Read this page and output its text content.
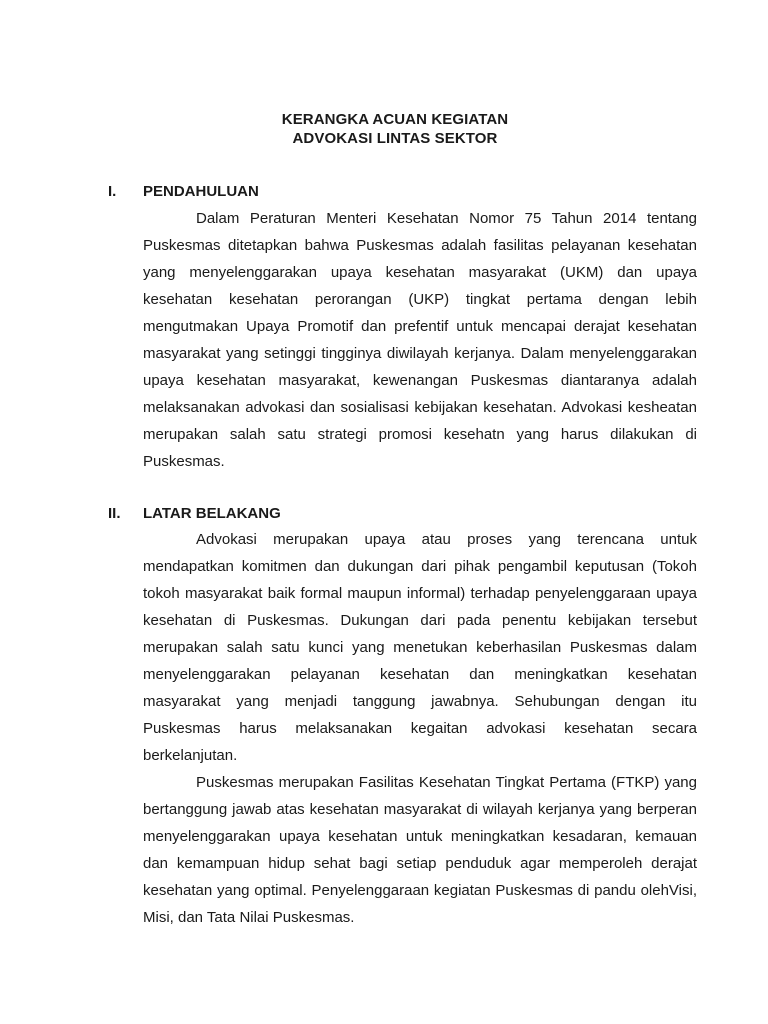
KERANGKA ACUAN KEGIATAN
ADVOKASI LINTAS SEKTOR
I. PENDAHULUAN

Dalam Peraturan Menteri Kesehatan Nomor 75 Tahun 2014 tentang Puskesmas ditetapkan bahwa Puskesmas adalah fasilitas pelayanan kesehatan yang menyelenggarakan upaya kesehatan masyarakat (UKM) dan upaya kesehatan kesehatan perorangan (UKP) tingkat pertama dengan lebih mengutmakan Upaya Promotif dan prefentif untuk mencapai derajat kesehatan masyarakat yang setinggi tingginya diwilayah kerjanya. Dalam menyelenggarakan upaya kesehatan masyarakat, kewenangan Puskesmas diantaranya adalah melaksanakan advokasi dan sosialisasi kebijakan kesehatan. Advokasi kesheatan merupakan salah satu strategi promosi kesehatn yang harus dilakukan di Puskesmas.

II. LATAR BELAKANG

Advokasi merupakan upaya atau proses yang terencana untuk mendapatkan komitmen dan dukungan dari pihak pengambil keputusan (Tokoh tokoh masyarakat baik formal maupun informal) terhadap penyelenggaraan upaya kesehatan di Puskesmas. Dukungan dari pada penentu kebijakan tersebut merupakan salah satu kunci yang menetukan keberhasilan Puskesmas dalam menyelenggarakan pelayanan kesehatan dan meningkatkan kesehatan masyarakat yang menjadi tanggung jawabnya. Sehubungan dengan itu Puskesmas harus melaksanakan kegaitan advokasi kesehatan secara berkelanjutan.

Puskesmas merupakan Fasilitas Kesehatan Tingkat Pertama (FTKP) yang bertanggung jawab atas kesehatan masyarakat di wilayah kerjanya yang berperan menyelenggarakan upaya kesehatan untuk meningkatkan kesadaran, kemauan dan kemampuan hidup sehat bagi setiap penduduk agar memperoleh derajat kesehatan yang optimal. Penyelenggaraan kegiatan Puskesmas di pandu olehVisi, Misi, dan Tata Nilai Puskesmas.
